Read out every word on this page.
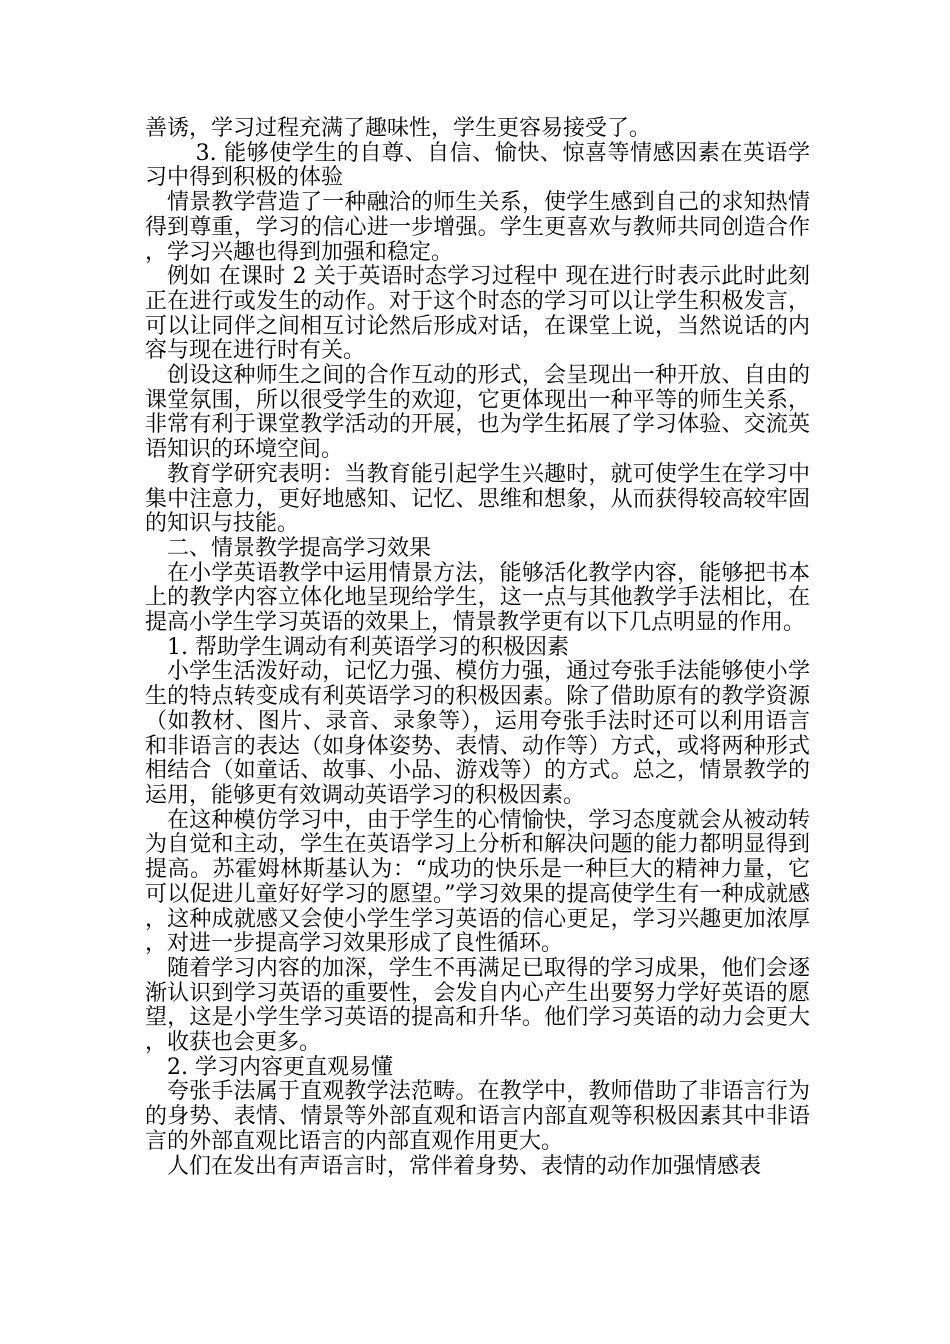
善诱，学习过程充满了趣味性，学生更容易接受了。

3. 能够使学生的自尊、自信、愉快、惊喜等情感因素在英语学习中得到积极的体验

情景教学营造了一种融洽的师生关系，使学生感到自己的求知热情得到尊重，学习的信心进一步增强。学生更喜欢与教师共同创造合作，学习兴趣也得到加强和稳定。

例如 在课时 2 关于英语时态学习过程中 现在进行时表示此时此刻正在进行或发生的动作。对于这个时态的学习可以让学生积极发言，可以让同伴之间相互讨论然后形成对话，在课堂上说，当然说话的内容与现在进行时有关。

创设这种师生之间的合作互动的形式，会呈现出一种开放、自由的课堂氛围，所以很受学生的欢迎，它更体现出一种平等的师生关系，非常有利于课堂教学活动的开展，也为学生拓展了学习体验、交流英语知识的环境空间。

教育学研究表明：当教育能引起学生兴趣时，就可使学生在学习中集中注意力，更好地感知、记忆、思维和想象，从而获得较高较牢固的知识与技能。

二、情景教学提高学习效果

在小学英语教学中运用情景方法，能够活化教学内容，能够把书本上的教学内容立体化地呈现给学生，这一点与其他教学手法相比，在提高小学生学习英语的效果上，情景教学更有以下几点明显的作用。

1. 帮助学生调动有利英语学习的积极因素

小学生活泼好动，记忆力强、模仿力强，通过夸张手法能够使小学生的特点转变成有利英语学习的积极因素。除了借助原有的教学资源（如教材、图片、录音、录象等），运用夸张手法时还可以利用语言和非语言的表达（如身体姿势、表情、动作等）方式，或将两种形式相结合（如童话、故事、小品、游戏等）的方式。总之，情景教学的运用，能够更有效调动英语学习的积极因素。

在这种模仿学习中，由于学生的心情愉快，学习态度就会从被动转为自觉和主动，学生在英语学习上分析和解决问题的能力都明显得到提高。苏霍姆林斯基认为：“成功的快乐是一种巨大的精神力量，它可以促进儿童好好学习的愿望。”学习效果的提高使学生有一种成就感，这种成就感又会使小学生学习英语的信心更足，学习兴趣更加浓厚，对进一步提高学习效果形成了良性循环。

随着学习内容的加深，学生不再满足已取得的学习成果，他们会逐渐认识到学习英语的重要性，会发自内心产生出要努力学好英语的愿望，这是小学生学习英语的提高和升华。他们学习英语的动力会更大，收获也会更多。

2. 学习内容更直观易懂

夸张手法属于直观教学法范畴。在教学中，教师借助了非语言行为的身势、表情、情景等外部直观和语言内部直观等积极因素其中非语言的外部直观比语言的内部直观作用更大。

人们在发出有声语言时，常伴着身势、表情的动作加强情感表
